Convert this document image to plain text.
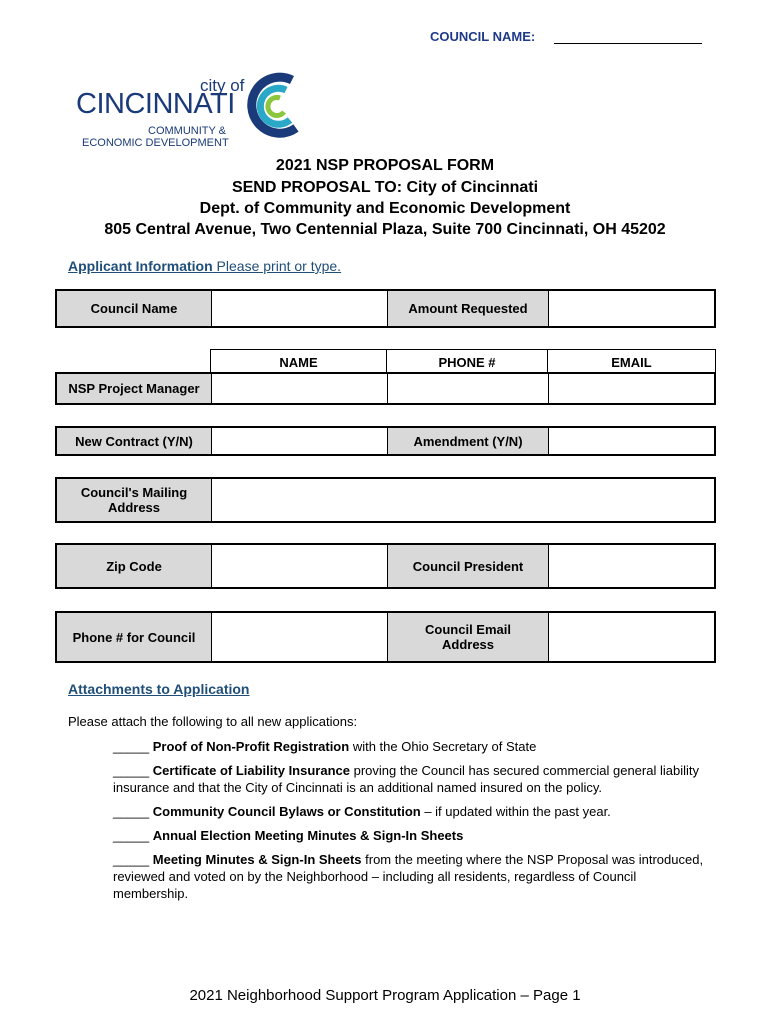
COUNCIL NAME:
city of
CINCINNATI
COMMUNITY &
ECONOMIC DEVELOPMENT
2021 NSP PROPOSAL FORM
SEND PROPOSAL TO: City of Cincinnati
Dept. of Community and Economic Development
805 Central Avenue, Two Centennial Plaza, Suite 700 Cincinnati, OH 45202
Applicant Information Please print or type.
Council Name	Amount Requested
NAME	PHONE #	EMAIL
NSP Project Manager
New Contract (Y/N)	Amendment (Y/N)
Council's Mailing Address
Zip Code	Council President
Phone # for Council	Council Email Address
Attachments to Application
Please attach the following to all new applications:
_____ Proof of Non-Profit Registration with the Ohio Secretary of State
_____ Certificate of Liability Insurance proving the Council has secured commercial general liability insurance and that the City of Cincinnati is an additional named insured on the policy.
_____ Community Council Bylaws or Constitution – if updated within the past year.
_____ Annual Election Meeting Minutes & Sign-In Sheets
_____ Meeting Minutes & Sign-In Sheets from the meeting where the NSP Proposal was introduced, reviewed and voted on by the Neighborhood – including all residents, regardless of Council membership.
2021 Neighborhood Support Program Application – Page 1
